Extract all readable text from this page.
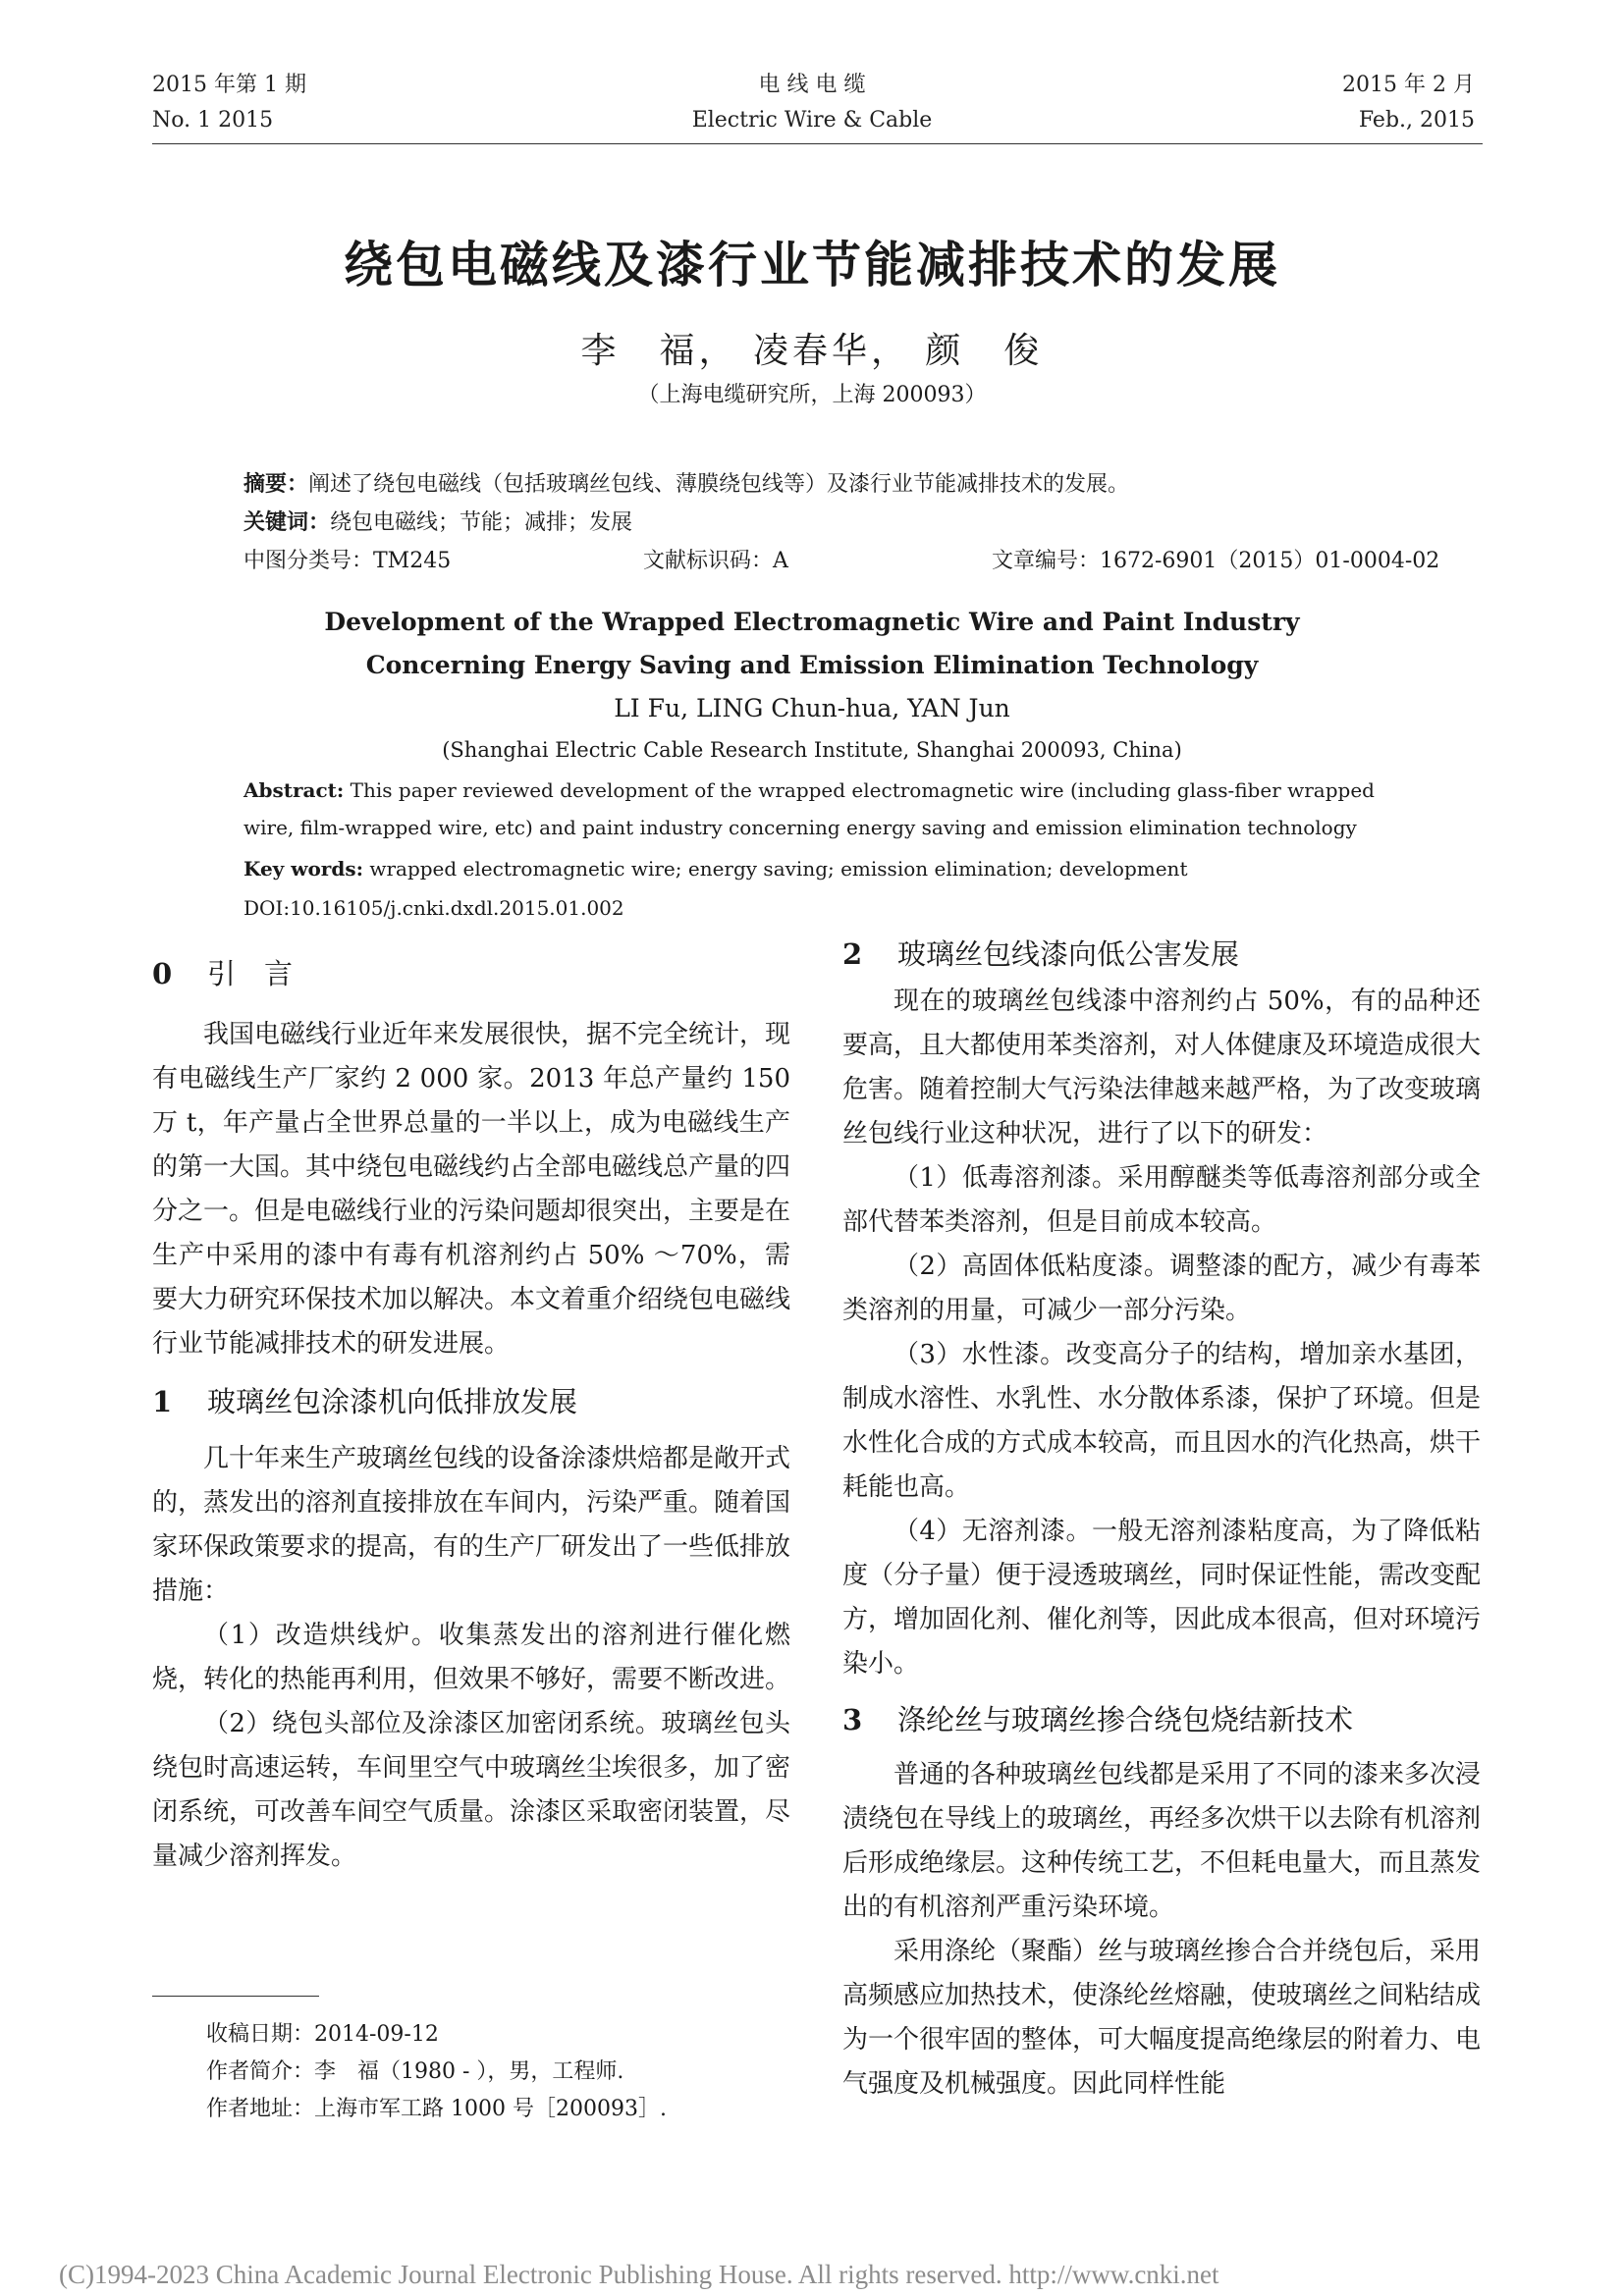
2015 年第 1 期
No. 1 2015
电 线 电 缆
Electric Wire & Cable
2015 年 2 月
Feb., 2015
绕包电磁线及漆行业节能减排技术的发展
李　福， 凌春华， 颜　俊
（上海电缆研究所，上海 200093）
摘要：阐述了绕包电磁线（包括玻璃丝包线、薄膜绕包线等）及漆行业节能减排技术的发展。
关键词：绕包电磁线；节能；减排；发展
中图分类号：TM245	文献标识码：A	文章编号：1672-6901（2015）01-0004-02
Development of the Wrapped Electromagnetic Wire and Paint Industry
Concerning Energy Saving and Emission Elimination Technology
LI Fu, LING Chun-hua, YAN Jun
(Shanghai Electric Cable Research Institute, Shanghai 200093, China)
Abstract: This paper reviewed development of the wrapped electromagnetic wire (including glass-fiber wrapped wire, film-wrapped wire, etc) and paint industry concerning energy saving and emission elimination technology
Key words: wrapped electromagnetic wire; energy saving; emission elimination; development
DOI:10.16105/j.cnki.dxdl.2015.01.002
0 引　言

我国电磁线行业近年来发展很快，据不完全统计，现有电磁线生产厂家约 2 000 家。2013 年总产量约 150 万 t，年产量占全世界总量的一半以上，成为电磁线生产的第一大国。其中绕包电磁线约占全部电磁线总产量的四分之一。但是电磁线行业的污染问题却很突出，主要是在生产中采用的漆中有毒有机溶剂约占 50% ～70%，需要大力研究环保技术加以解决。本文着重介绍绕包电磁线行业节能减排技术的研发进展。

1 玻璃丝包涂漆机向低排放发展

几十年来生产玻璃丝包线的设备涂漆烘焙都是敞开式的，蒸发出的溶剂直接排放在车间内，污染严重。随着国家环保政策要求的提高，有的生产厂研发出了一些低排放措施：

（1）改造烘线炉。收集蒸发出的溶剂进行催化燃烧，转化的热能再利用，但效果不够好，需要不断改进。

（2）绕包头部位及涂漆区加密闭系统。玻璃丝包头绕包时高速运转，车间里空气中玻璃丝尘埃很多，加了密闭系统，可改善车间空气质量。涂漆区采取密闭装置，尽量减少溶剂挥发。

2 玻璃丝包线漆向低公害发展

现在的玻璃丝包线漆中溶剂约占 50%，有的品种还要高，且大都使用苯类溶剂，对人体健康及环境造成很大危害。随着控制大气污染法律越来越严格，为了改变玻璃丝包线行业这种状况，进行了以下的研发：

（1）低毒溶剂漆。采用醇醚类等低毒溶剂部分或全部代替苯类溶剂，但是目前成本较高。

（2）高固体低粘度漆。调整漆的配方，减少有毒苯类溶剂的用量，可减少一部分污染。

（3）水性漆。改变高分子的结构，增加亲水基团，制成水溶性、水乳性、水分散体系漆，保护了环境。但是水性化合成的方式成本较高，而且因水的汽化热高，烘干耗能也高。

（4）无溶剂漆。一般无溶剂漆粘度高，为了降低粘度（分子量）便于浸透玻璃丝，同时保证性能，需改变配方，增加固化剂、催化剂等，因此成本很高，但对环境污染小。

3 涤纶丝与玻璃丝掺合绕包烧结新技术

普通的各种玻璃丝包线都是采用了不同的漆来多次浸渍绕包在导线上的玻璃丝，再经多次烘干以去除有机溶剂后形成绝缘层。这种传统工艺，不但耗电量大，而且蒸发出的有机溶剂严重污染环境。

采用涤纶（聚酯）丝与玻璃丝掺合合并绕包后，采用高频感应加热技术，使涤纶丝熔融，使玻璃丝之间粘结成为一个很牢固的整体，可大幅度提高绝缘层的附着力、电气强度及机械强度。因此同样性能

收稿日期：2014-09-12
作者简介：李　福（1980 - ），男，工程师.
作者地址：上海市军工路 1000 号［200093］.
(C)1994-2023 China Academic Journal Electronic Publishing House. All rights reserved. http://www.cnki.net
